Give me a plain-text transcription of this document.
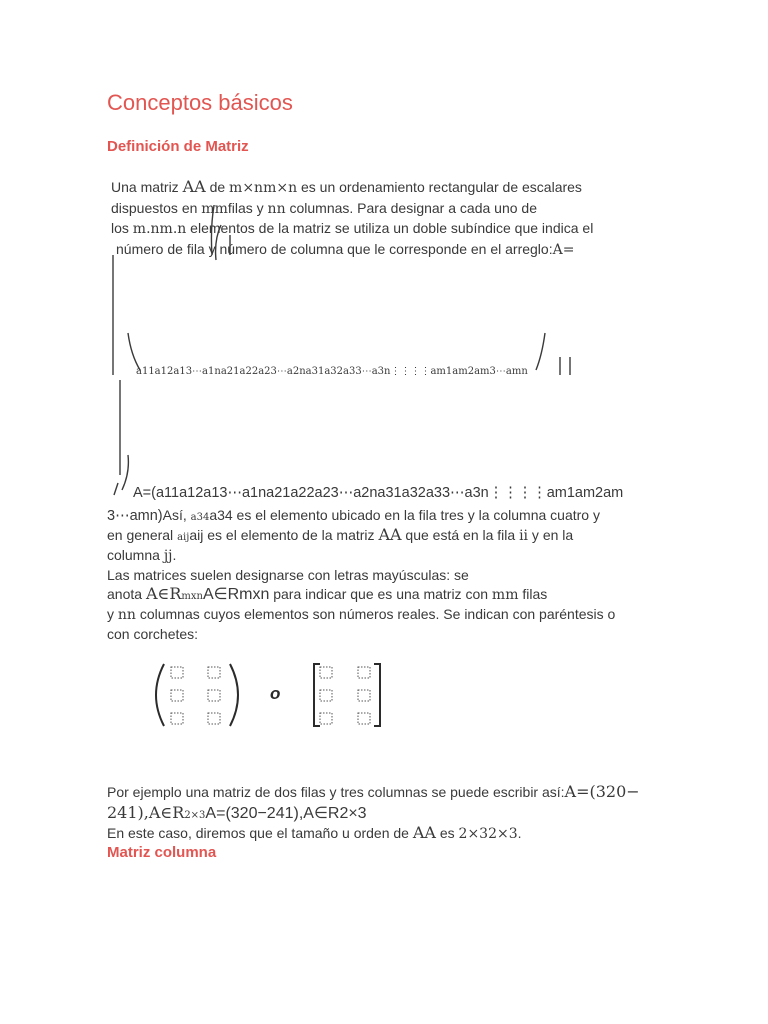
Conceptos básicos
Definición de Matriz
Una matriz AA de m×nm×n es un ordenamiento rectangular de escalares
dispuestos en mmfilas y nn columnas. Para designar a cada uno de
los m.nm.n elementos de la matriz se utiliza un doble subíndice que indica el
número de fila y número de columna que le corresponde en el arreglo:A=
a11a12a13⋯a1na21a22a23⋯a2na31a32a33⋯a3n⋮⋮⋮⋮am1am2am3⋯amn
A=(a11a12a13⋯a1na21a22a23⋯a2na31a32a33⋯a3n⋮⋮⋮⋮am1am2am
3⋯amn)Así, a34a34 es el elemento ubicado en la fila tres y la columna cuatro y
en general aijaij es el elemento de la matriz AA que está en la fila ii y en la
columna jj.
Las matrices suelen designarse con letras mayúsculas: se
anota A∈RmxnA∈Rmxn para indicar que es una matriz con mm filas
y nn columnas cuyos elementos son números reales. Se indican con paréntesis o
con corchetes:
o
Por ejemplo una matriz de dos filas y tres columnas se puede escribir así:A=(320−
241),A∈R2×3A=(320−241),A∈R2×3
En este caso, diremos que el tamaño u orden de AA es 2×32×3.
Matriz columna
